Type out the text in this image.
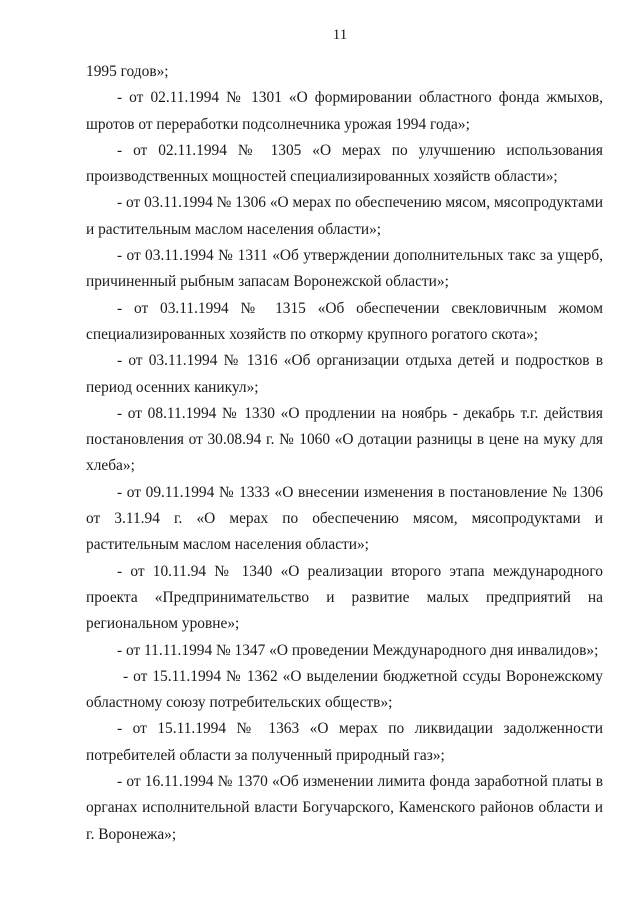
11

1995 годов»;

- от 02.11.1994 № 1301 «О формировании областного фонда жмыхов, шротов от переработки подсолнечника урожая 1994 года»;

- от 02.11.1994 № 1305 «О мерах по улучшению использования производственных мощностей специализированных хозяйств области»;

- от 03.11.1994 № 1306 «О мерах по обеспечению мясом, мясопродуктами и растительным маслом населения области»;

- от 03.11.1994 № 1311 «Об утверждении дополнительных такс за ущерб, причиненный рыбным запасам Воронежской области»;

- от 03.11.1994 № 1315 «Об обеспечении свекловичным жомом специализированных хозяйств по откорму крупного рогатого скота»;

- от 03.11.1994 № 1316 «Об организации отдыха детей и подростков в период осенних каникул»;

- от 08.11.1994 № 1330 «О продлении на ноябрь - декабрь т.г. действия постановления от 30.08.94 г. № 1060 «О дотации разницы в цене на муку для хлеба»;

- от 09.11.1994 № 1333 «О внесении изменения в постановление № 1306 от 3.11.94 г. «О мерах по обеспечению мясом, мясопродуктами и растительным маслом населения области»;

- от 10.11.94 № 1340 «О реализации второго этапа международного проекта «Предпринимательство и развитие малых предприятий на региональном уровне»;

- от 11.11.1994 № 1347 «О проведении Международного дня инвалидов»;

- от 15.11.1994 № 1362 «О выделении бюджетной ссуды Воронежскому областному союзу потребительских обществ»;

- от 15.11.1994 № 1363 «О мерах по ликвидации задолженности потребителей области за полученный природный газ»;

- от 16.11.1994 № 1370 «Об изменении лимита фонда заработной платы в органах исполнительной власти Богучарского, Каменского районов области и г. Воронежа»;
